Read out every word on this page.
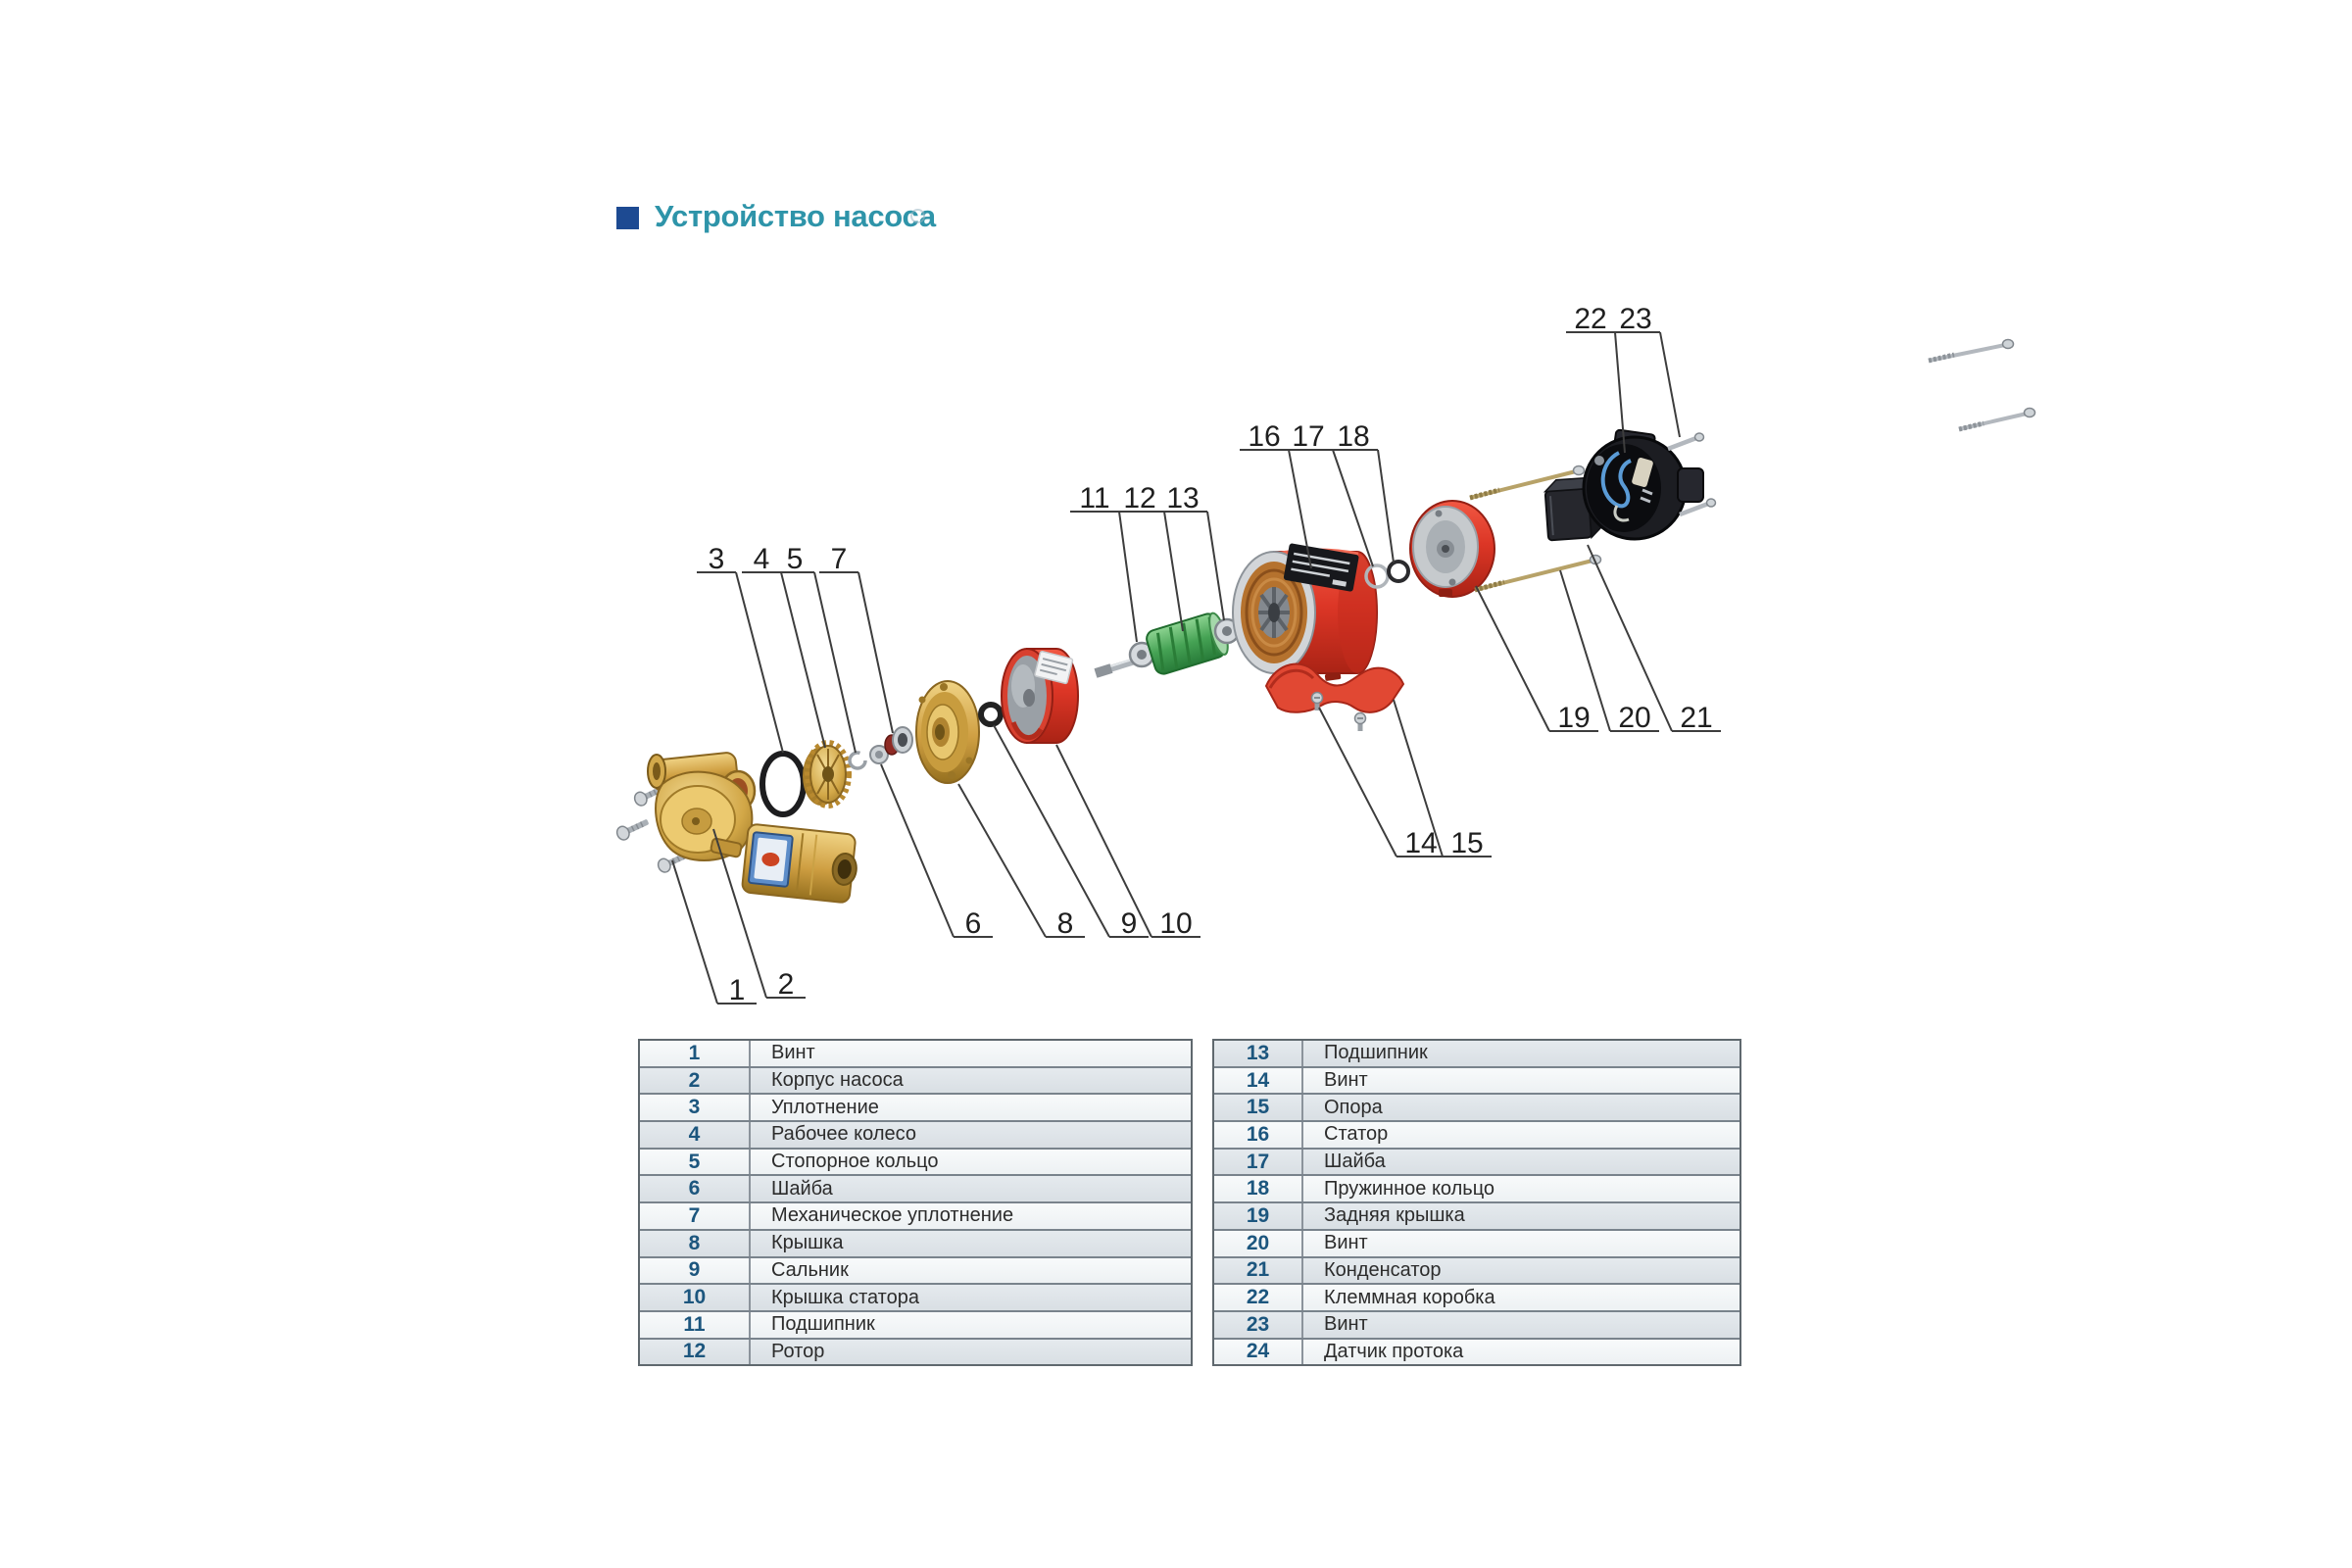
Устройство насоса
1 2
3 4 5
6
7
8 9 10
11 12 13
14 15
16 17 18
19 20 21
22 23
1	Винт
2	Корпус насоса
3	Уплотнение
4	Рабочее колесо
5	Стопорное кольцо
6	Шайба
7	Механическое уплотнение
8	Крышка
9	Сальник
10	Крышка статора
11	Подшипник
12	Ротор
13	Подшипник
14	Винт
15	Опора
16	Статор
17	Шайба
18	Пружинное кольцо
19	Задняя крышка
20	Винт
21	Конденсатор
22	Клеммная коробка
23	Винт
24	Датчик протока
